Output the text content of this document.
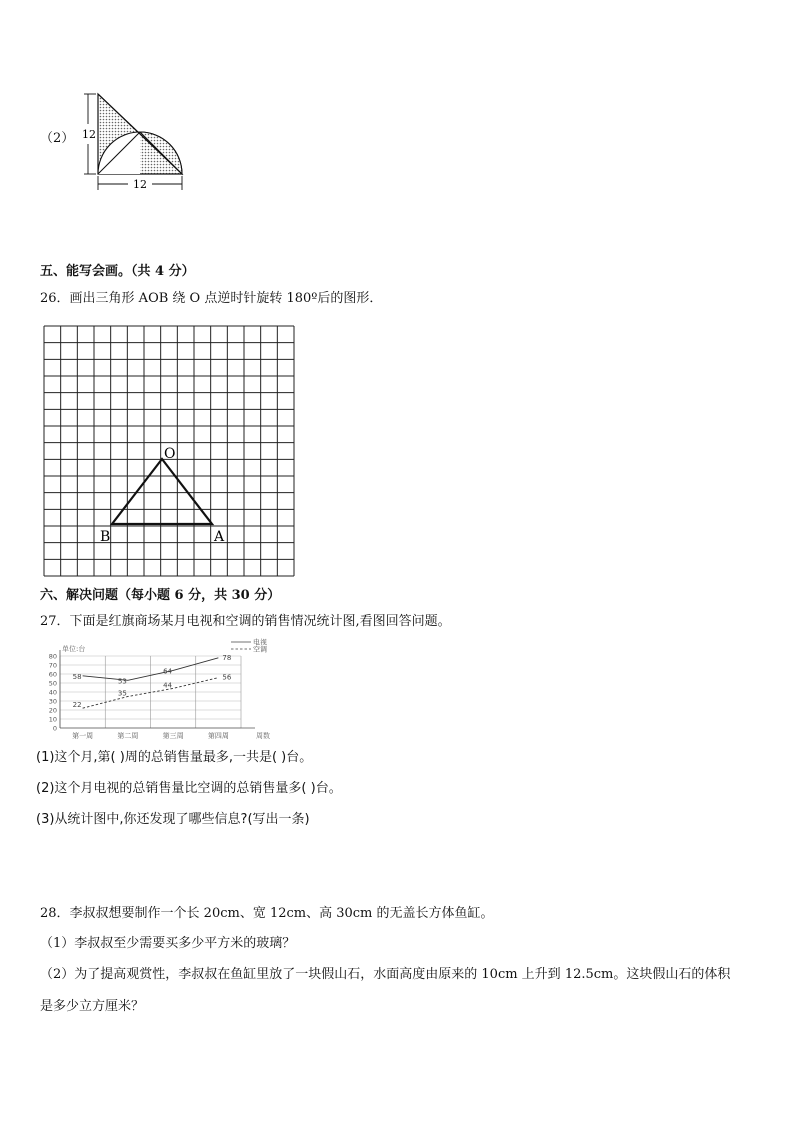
（2） 12
12
五、能写会画。（共 4 分）
26．画出三角形 AOB 绕 O 点逆时针旋转 180º后的图形．
O
B	A
六、解决问题（每小题 6 分，共 30 分）
27．下面是红旗商场某月电视和空调的销售情况统计图,看图回答问题。
0
10
20
30
40
50
60
70
80
单位:台
第一周	第二周	第三周	第四周	周数
58
53
64
78
电视
22
35
44
56
空调
(1)这个月,第( )周的总销售量最多,一共是( )台。
(2)这个月电视的总销售量比空调的总销售量多( )台。
(3)从统计图中,你还发现了哪些信息?(写出一条)
28．李叔叔想要制作一个长 20cm、宽 12cm、高 30cm 的无盖长方体鱼缸。
（1）李叔叔至少需要买多少平方米的玻璃？
（2）为了提高观赏性，李叔叔在鱼缸里放了一块假山石，水面高度由原来的 10cm 上升到 12.5cm。这块假山石的体积
是多少立方厘米？
